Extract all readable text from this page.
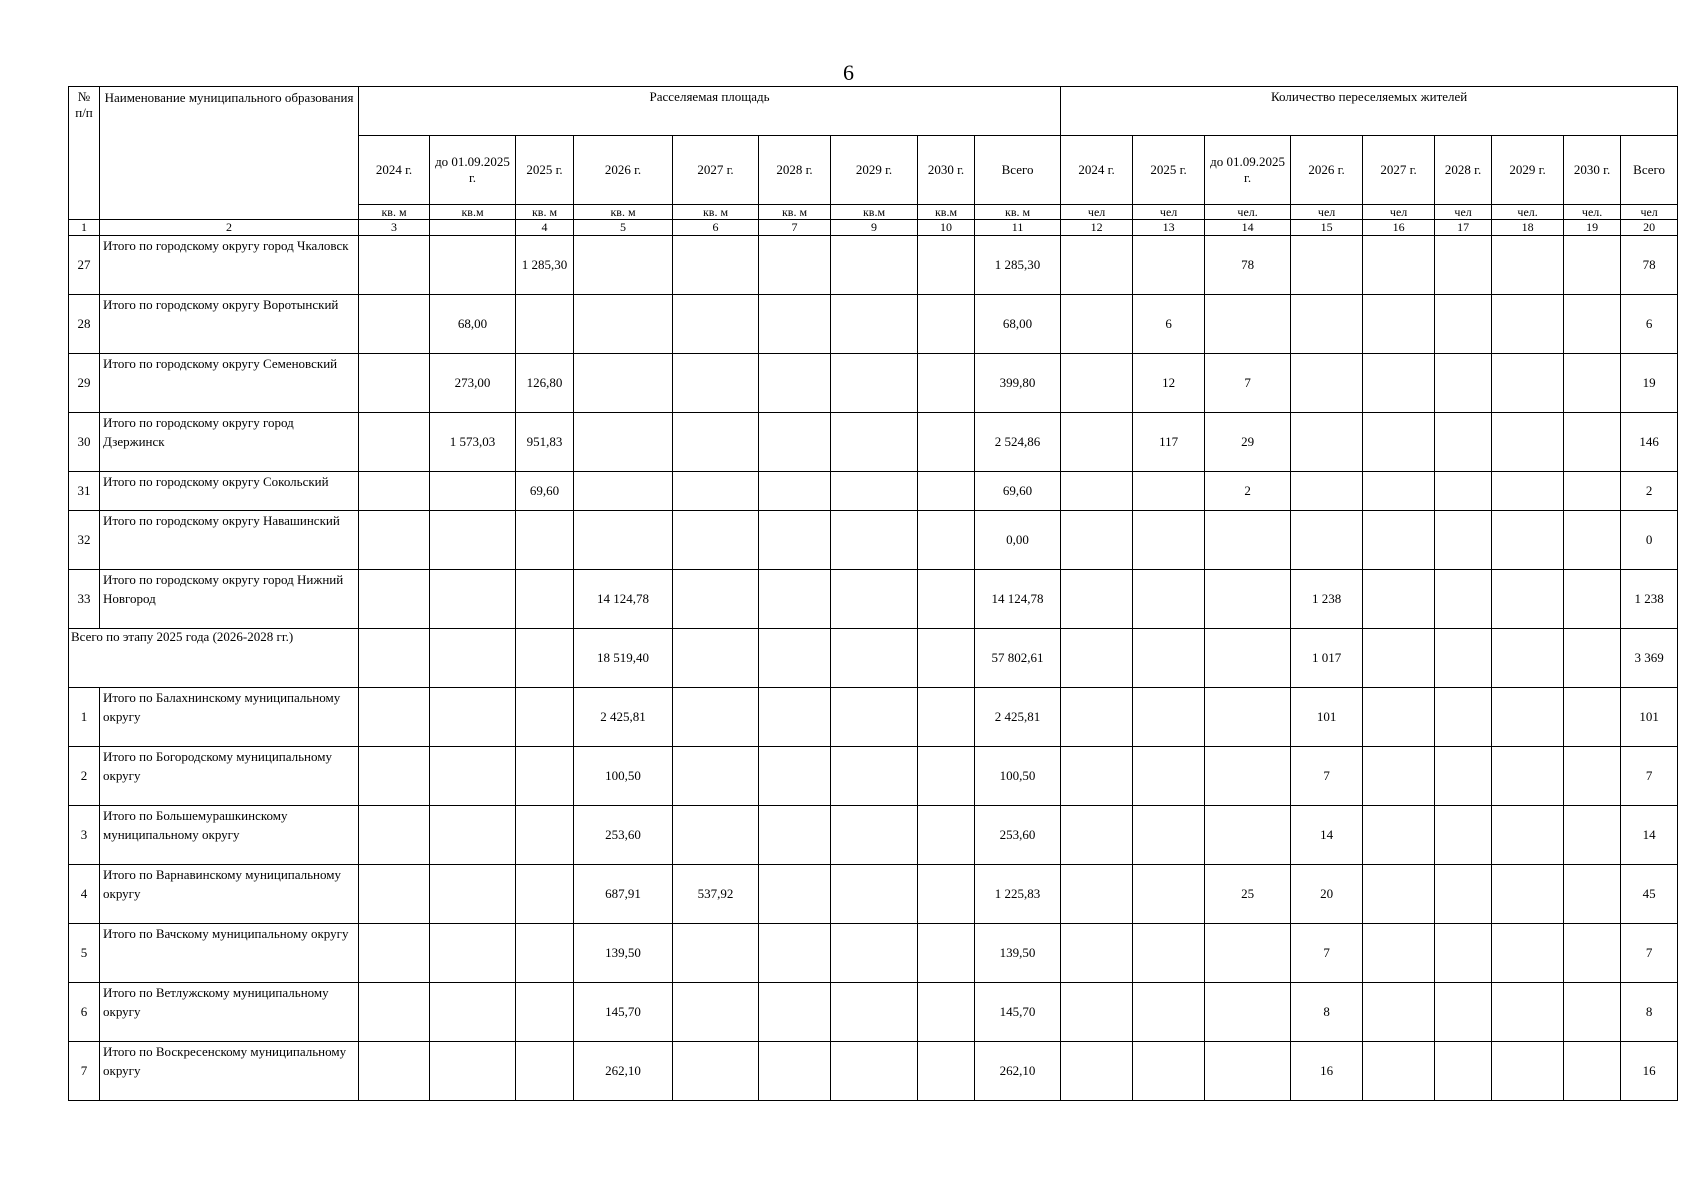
6
№ п/п	Наименование муниципального образования	Расселяемая площадь									Количество переселяемых жителей								
		2024 г.	до 01.09.2025 г.	2025 г.	2026 г.	2027 г.	2028 г.	2029 г.	2030 г.	Всего	2024 г.	2025 г.	до 01.09.2025 г.	2026 г.	2027 г.	2028 г.	2029 г.	2030 г.	Всего
		кв. м	кв.м	кв. м	кв. м	кв. м	кв. м	кв.м	кв.м	кв. м	чел	чел	чел.	чел	чел	чел	чел.	чел.	чел
1	2	3		4	5	6	7	9	10	11	12	13	14	15	16	17	18	19	20
27	Итого по городскому округу город Чкаловск			1 285,30						1 285,30			78						78
28	Итого по городскому округу Воротынский		68,00							68,00		6							6
29	Итого по городскому округу Семеновский		273,00	126,80						399,80		12	7						19
30	Итого по городскому округу город Дзержинск		1 573,03	951,83						2 524,86		117	29						146
31	Итого по городскому округу Сокольский			69,60						69,60			2						2
32	Итого по городскому округу Навашинский									0,00									0
33	Итого по городскому округу город Нижний Новгород				14 124,78					14 124,78				1 238					1 238
Всего по этапу 2025 года (2026-2028 гг.)					18 519,40					57 802,61				1 017					3 369
1	Итого по Балахнинскому муниципальному округу				2 425,81					2 425,81				101					101
2	Итого по Богородскому муниципальному округу				100,50					100,50				7					7
3	Итого по Большемурашкинскому муниципальному округу				253,60					253,60				14					14
4	Итого по Варнавинскому муниципальному округу				687,91	537,92				1 225,83			25	20					45
5	Итого по Вачскому муниципальному округу				139,50					139,50				7					7
6	Итого по Ветлужскому муниципальному округу				145,70					145,70				8					8
7	Итого по Воскресенскому муниципальному округу				262,10					262,10				16					16
